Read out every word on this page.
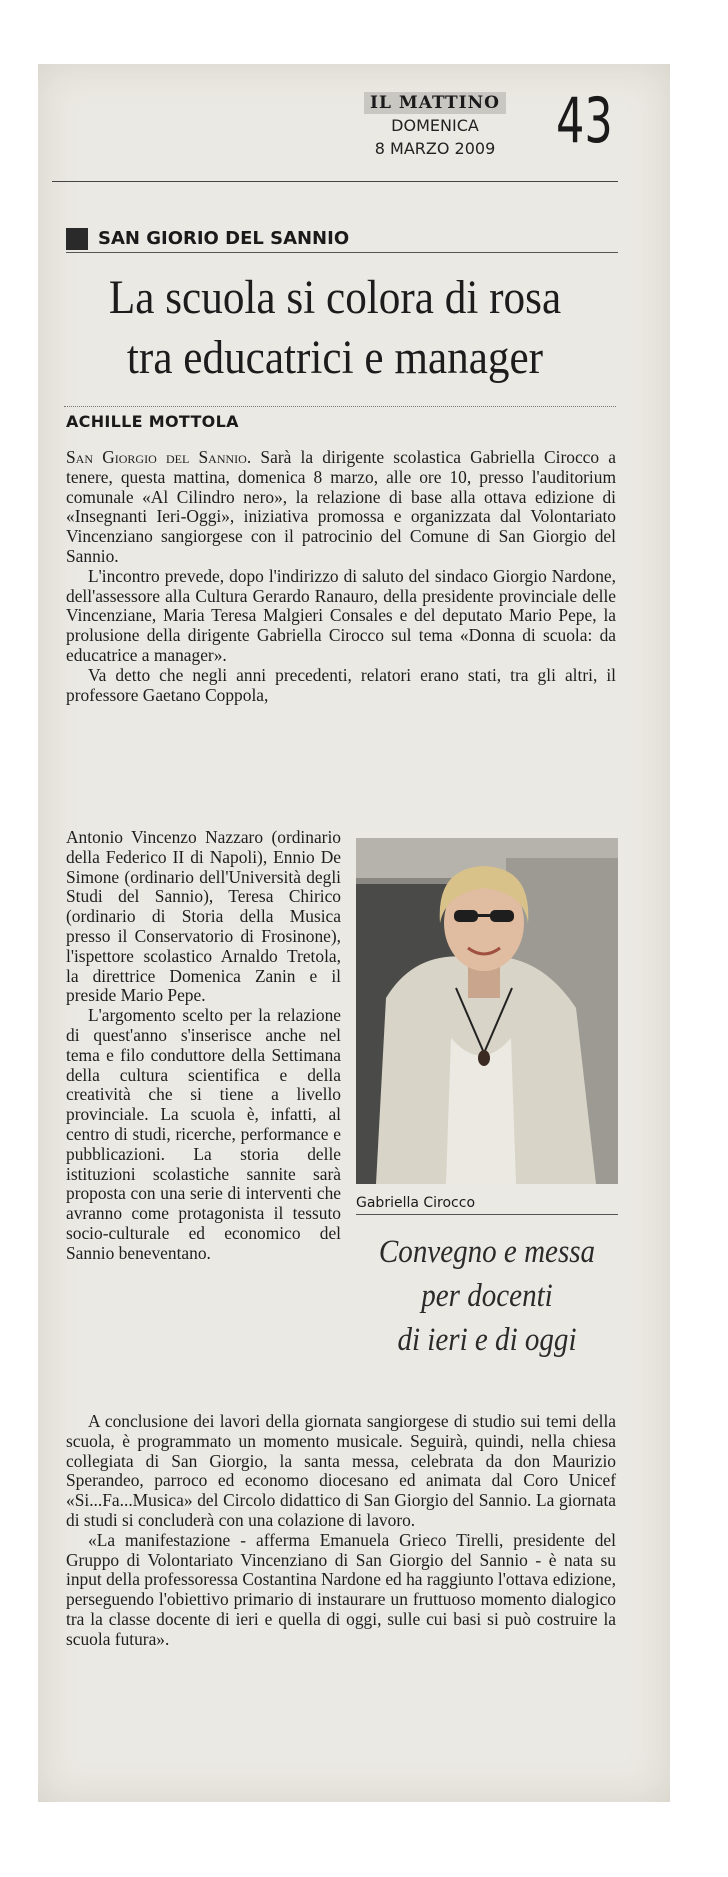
IL MATTINO
DOMENICA
8 MARZO 2009 43
SAN GIORIO DEL SANNIO
La scuola si colora di rosa
tra educatrici e manager
ACHILLE MOTTOLA

San Giorgio del Sannio. Sarà la dirigente scolastica Gabriella Cirocco a tenere, questa mattina, domenica 8 marzo, alle ore 10, presso l'auditorium comunale «Al Cilindro nero», la relazione di base alla ottava edizione di «Insegnanti Ieri-Oggi», iniziativa promossa e organizzata dal Volontariato Vincenziano sangiorgese con il patrocinio del Comune di San Giorgio del Sannio.

L'incontro prevede, dopo l'indirizzo di saluto del sindaco Giorgio Nardone, dell'assessore alla Cultura Gerardo Ranauro, della presidente provinciale delle Vincenziane, Maria Teresa Malgieri Consales e del deputato Mario Pepe, la prolusione della dirigente Gabriella Cirocco sul tema «Donna di scuola: da educatrice a manager».

Va detto che negli anni precedenti, relatori erano stati, tra gli altri, il professore Gaetano Coppola,

Antonio Vincenzo Nazzaro (ordinario della Federico II di Napoli), Ennio De Simone (ordinario dell'Università degli Studi del Sannio), Teresa Chirico (ordinario di Storia della Musica presso il Conservatorio di Frosinone), l'ispettore scolastico Arnaldo Tretola, la direttrice Domenica Zanin e il preside Mario Pepe.

L'argomento scelto per la relazione di quest'anno s'inserisce anche nel tema e filo conduttore della Settimana della cultura scientifica e della creatività che si tiene a livello provinciale. La scuola è, infatti, al centro di studi, ricerche, performance e pubblicazioni. La storia delle istituzioni scolastiche sannite sarà proposta con una serie di interventi che avranno come protagonista il tessuto socio-culturale ed economico del Sannio beneventano.

Gabriella Cirocco
Convegno e messa
per docenti
di ieri e di oggi

A conclusione dei lavori della giornata sangiorgese di studio sui temi della scuola, è programmato un momento musicale. Seguirà, quindi, nella chiesa collegiata di San Giorgio, la santa messa, celebrata da don Maurizio Sperandeo, parroco ed economo diocesano ed animata dal Coro Unicef «Si...Fa...Musica» del Circolo didattico di San Giorgio del Sannio. La giornata di studi si concluderà con una colazione di lavoro.

«La manifestazione - afferma Emanuela Grieco Tirelli, presidente del Gruppo di Volontariato Vincenziano di San Giorgio del Sannio - è nata su input della professoressa Costantina Nardone ed ha raggiunto l'ottava edizione, perseguendo l'obiettivo primario di instaurare un fruttuoso momento dialogico tra la classe docente di ieri e quella di oggi, sulle cui basi si può costruire la scuola futura».
